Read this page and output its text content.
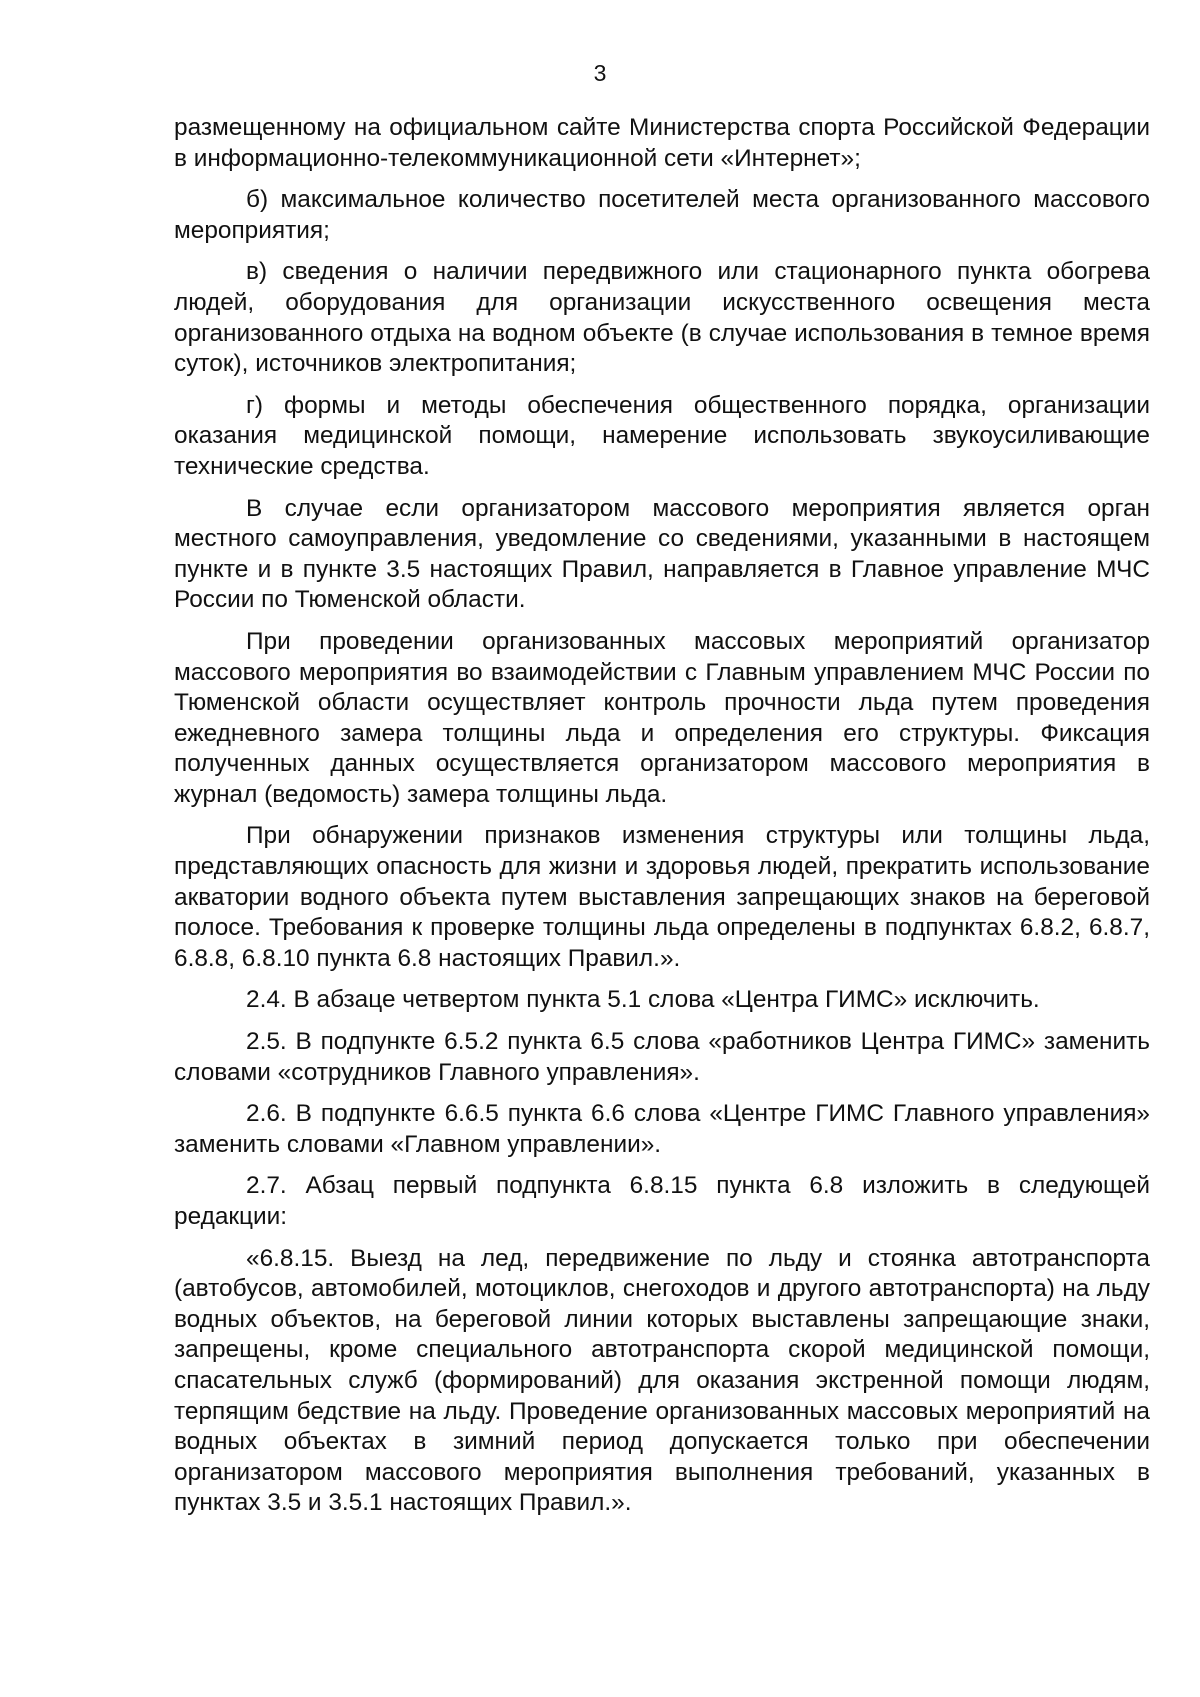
3

размещенному на официальном сайте Министерства спорта Российской Федерации в информационно-телекоммуникационной сети «Интернет»;

б) максимальное количество посетителей места организованного массового мероприятия;

в) сведения о наличии передвижного или стационарного пункта обогрева людей, оборудования для организации искусственного освещения места организованного отдыха на водном объекте (в случае использования в темное время суток), источников электропитания;

г) формы и методы обеспечения общественного порядка, организации оказания медицинской помощи, намерение использовать звукоусиливающие технические средства.

В случае если организатором массового мероприятия является орган местного самоуправления, уведомление со сведениями, указанными в настоящем пункте и в пункте 3.5 настоящих Правил, направляется в Главное управление МЧС России по Тюменской области.

При проведении организованных массовых мероприятий организатор массового мероприятия во взаимодействии с Главным управлением МЧС России по Тюменской области осуществляет контроль прочности льда путем проведения ежедневного замера толщины льда и определения его структуры. Фиксация полученных данных осуществляется организатором массового мероприятия в журнал (ведомость) замера толщины льда.

При обнаружении признаков изменения структуры или толщины льда, представляющих опасность для жизни и здоровья людей, прекратить использование акватории водного объекта путем выставления запрещающих знаков на береговой полосе. Требования к проверке толщины льда определены в подпунктах 6.8.2, 6.8.7, 6.8.8, 6.8.10 пункта 6.8 настоящих Правил.».

2.4. В абзаце четвертом пункта 5.1 слова «Центра ГИМС» исключить.

2.5. В подпункте 6.5.2 пункта 6.5 слова «работников Центра ГИМС» заменить словами «сотрудников Главного управления».

2.6. В подпункте 6.6.5 пункта 6.6 слова «Центре ГИМС Главного управления» заменить словами «Главном управлении».

2.7. Абзац первый подпункта 6.8.15 пункта 6.8 изложить в следующей редакции:

«6.8.15. Выезд на лед, передвижение по льду и стоянка автотранспорта (автобусов, автомобилей, мотоциклов, снегоходов и другого автотранспорта) на льду водных объектов, на береговой линии которых выставлены запрещающие знаки, запрещены, кроме специального автотранспорта скорой медицинской помощи, спасательных служб (формирований) для оказания экстренной помощи людям, терпящим бедствие на льду. Проведение организованных массовых мероприятий на водных объектах в зимний период допускается только при обеспечении организатором массового мероприятия выполнения требований, указанных в пунктах 3.5 и 3.5.1 настоящих Правил.».
